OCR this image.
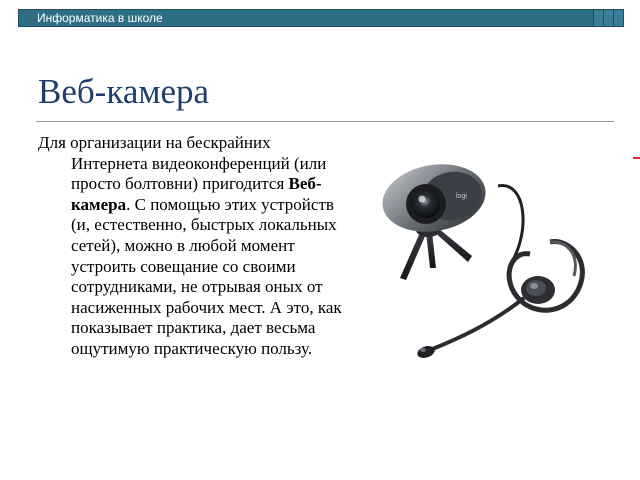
Информатика в школе
Веб-камера

Для организации на бескрайних Интернета видеоконференций (или просто болтовни) пригодится Веб-камера. С помощью этих устройств (и, естественно, быстрых локальных сетей), можно в любой момент устроить совещание со своими сотрудниками, не отрывая оных от насиженных рабочих мест. А это, как показывает практика, дает весьма ощутимую практическую пользу.

logi
